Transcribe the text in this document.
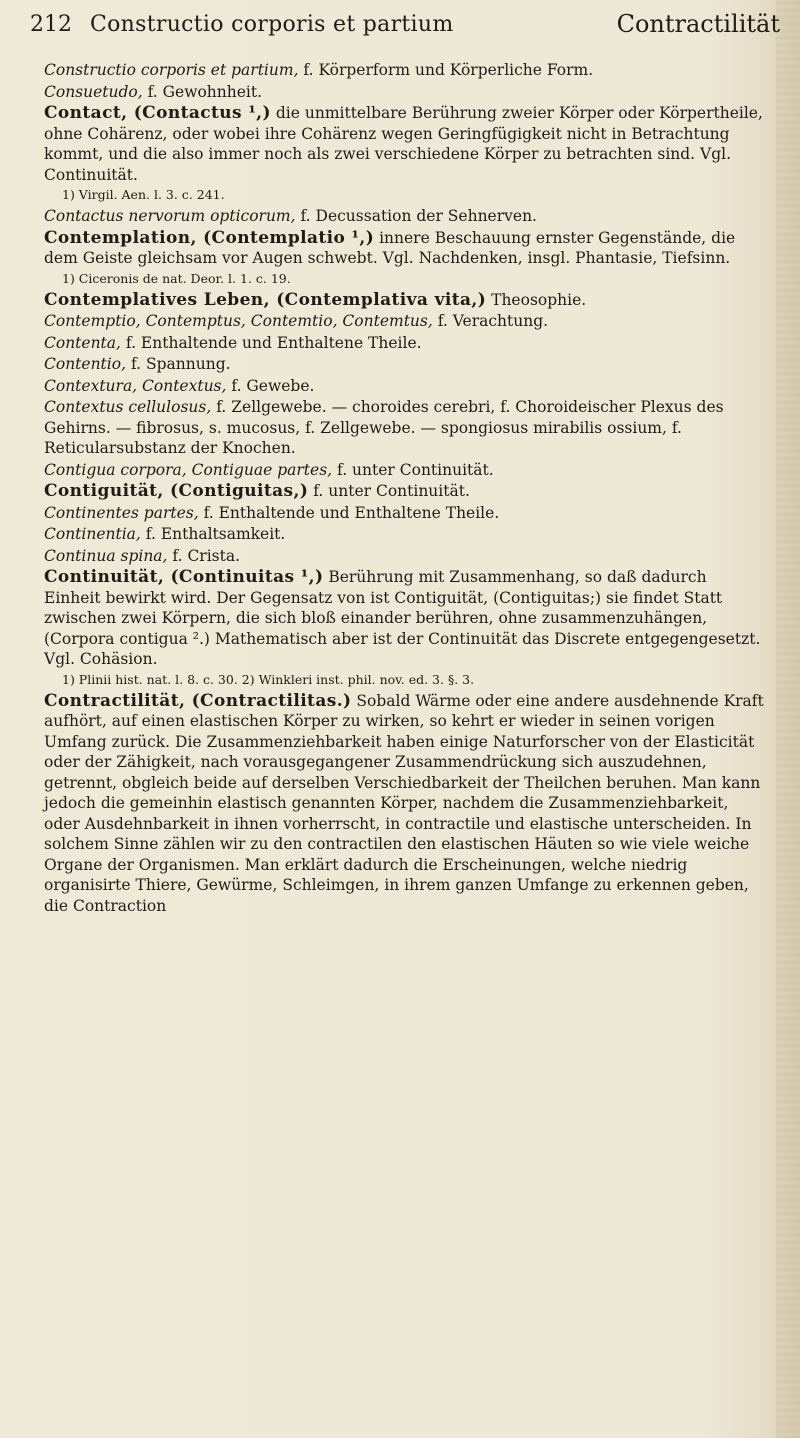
212 Constructio corporis et partium	Contractilität
Constructio corporis et partium, f. Körperform und Körperliche Form.
Consuetudo, f. Gewohnheit.
Contact, (Contactus ¹,) die unmittelbare Berührung zweier Körper oder Körpertheile, ohne Cohärenz, oder wobei ihre Cohärenz wegen Geringfügigkeit nicht in Betrachtung kommt, und die also immer noch als zwei verschiedene Körper zu betrachten sind. Vgl. Continuität.
1) Virgil. Aen. l. 3. c. 241.
Contactus nervorum opticorum, f. Decussation der Sehnerven.
Contemplation, (Contemplatio ¹,) innere Beschauung ernster Gegenstände, die dem Geiste gleichsam vor Augen schwebt. Vgl. Nachdenken, insgl. Phantasie, Tiefsinn.
1) Ciceronis de nat. Deor. l. 1. c. 19.
Contemplatives Leben, (Contemplativa vita,) Theosophie.
Contemptio, Contemptus, Contemtio, Contemtus, f. Verachtung.
Contenta, f. Enthaltende und Enthaltene Theile.
Contentio, f. Spannung.
Contextura, Contextus, f. Gewebe.
Contextus cellulosus, f. Zellgewebe. — choroides cerebri, f. Choroideischer Plexus des Gehirns. — fibrosus, s. mucosus, f. Zellgewebe. — spongiosus mirabilis ossium, f. Reticularsubstanz der Knochen.
Contigua corpora, Contiguae partes, f. unter Continuität.
Contiguität, (Contiguitas,) f. unter Continuität.
Continentes partes, f. Enthaltende und Enthaltene Theile.
Continentia, f. Enthaltsamkeit.
Continua spina, f. Crista.
Continuität, (Continuitas ¹,) Berührung mit Zusammenhang, so daß dadurch Einheit bewirkt wird. Der Gegensatz von ist Contiguität, (Contiguitas;) sie findet Statt zwischen zwei Körpern, die sich bloß einander berühren, ohne zusammenzuhängen, (Corpora contigua ².) Mathematisch aber ist der Continuität das Discrete entgegengesetzt. Vgl. Cohäsion.
1) Plinii hist. nat. l. 8. c. 30. 2) Winkleri inst. phil. nov. ed. 3. §. 3.
Contractilität, (Contractilitas.) Sobald Wärme oder eine andere ausdehnende Kraft aufhört, auf einen elastischen Körper zu wirken, so kehrt er wieder in seinen vorigen Umfang zurück. Die Zusammenziehbarkeit haben einige Naturforscher von der Elasticität oder der Zähigkeit, nach vorausgegangener Zusammendrückung sich auszudehnen, getrennt, obgleich beide auf derselben Verschiedbarkeit der Theilchen beruhen. Man kann jedoch die gemeinhin elastisch genannten Körper, nachdem die Zusammenziehbarkeit, oder Ausdehnbarkeit in ihnen vorherrscht, in contractile und elastische unterscheiden. In solchem Sinne zählen wir zu den contractilen den elastischen Häuten so wie viele weiche Organe der Organismen. Man erklärt dadurch die Erscheinungen, welche niedrig organisirte Thiere, Gewürme, Schleimgen, in ihrem ganzen Umfange zu erkennen geben, die Contraction
